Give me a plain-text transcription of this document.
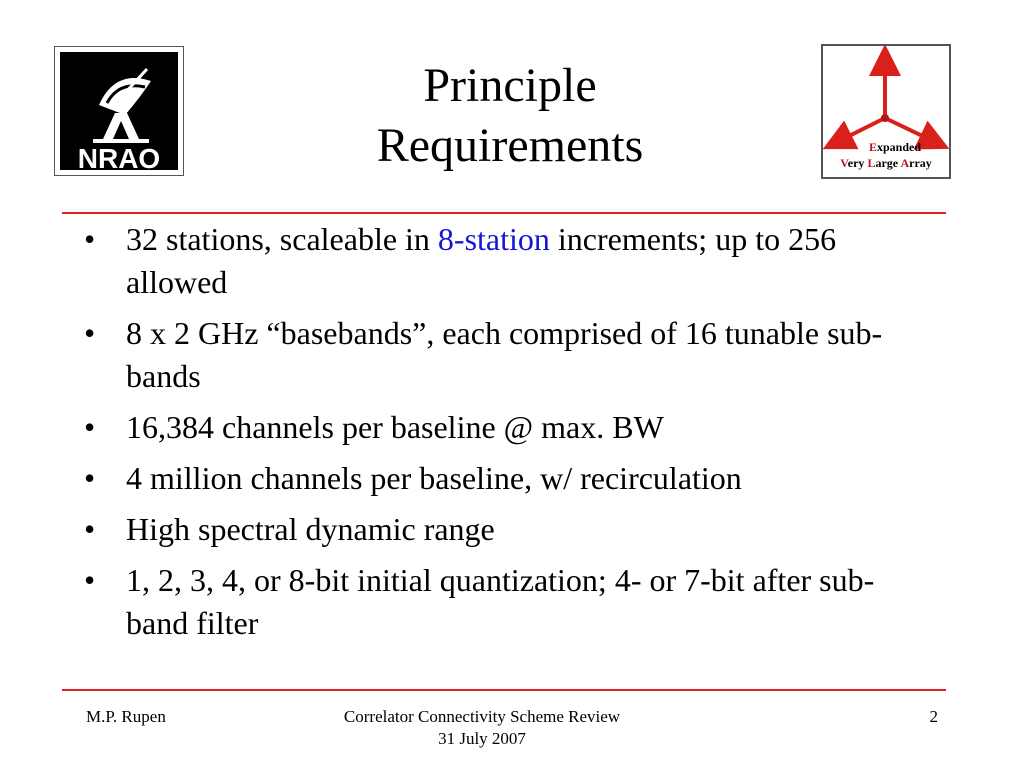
NRAO	Expanded
Very Large Array
Principle
Requirements
• 32 stations, scaleable in 8-station increments; up to 256 allowed
• 8 x 2 GHz “basebands”, each comprised of 16 tunable sub-bands
• 16,384 channels per baseline @ max. BW
• 4 million channels per baseline, w/ recirculation
• High spectral dynamic range
• 1, 2, 3, 4, or 8-bit initial quantization; 4- or 7-bit after sub-band filter
M.P. Rupen	Correlator Connectivity Scheme Review
31 July 2007
2
